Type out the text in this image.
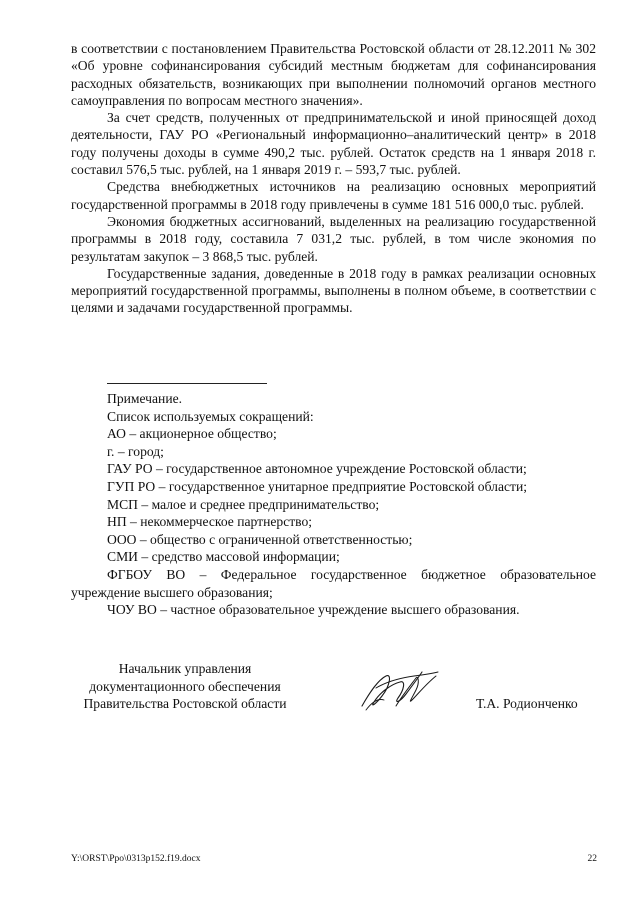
в соответствии с постановлением Правительства Ростовской области от 28.12.2011 № 302 «Об уровне софинансирования субсидий местным бюджетам для софинансирования расходных обязательств, возникающих при выполнении полномочий органов местного самоуправления по вопросам местного значения».

За счет средств, полученных от предпринимательской и иной приносящей доход деятельности, ГАУ РО «Региональный информационно–аналитический центр» в 2018 году получены доходы в сумме 490,2 тыс. рублей. Остаток средств на 1 января 2018 г. составил 576,5 тыс. рублей, на 1 января 2019 г. – 593,7 тыс. рублей.

Средства внебюджетных источников на реализацию основных мероприятий государственной программы в 2018 году привлечены в сумме 181 516 000,0 тыс. рублей.

Экономия бюджетных ассигнований, выделенных на реализацию государственной программы в 2018 году, составила 7 031,2 тыс. рублей, в том числе экономия по результатам закупок – 3 868,5 тыс. рублей.

Государственные задания, доведенные в 2018 году в рамках реализации основных мероприятий государственной программы, выполнены в полном объеме, в соответствии с целями и задачами государственной программы.

Примечание.

Список используемых сокращений:

АО – акционерное общество;

г. – город;

ГАУ РО – государственное автономное учреждение Ростовской области;

ГУП РО – государственное унитарное предприятие Ростовской области;

МСП – малое и среднее предпринимательство;

НП – некоммерческое партнерство;

ООО – общество с ограниченной ответственностью;

СМИ – средство массовой информации;

ФГБОУ ВО – Федеральное государственное бюджетное образовательное учреждение высшего образования;

ЧОУ ВО – частное образовательное учреждение высшего образования.

Начальник управления
документационного обеспечения
Правительства Ростовской области	Т.А. Родионченко
Y:\ORST\Ppo\0313p152.f19.docx	22
